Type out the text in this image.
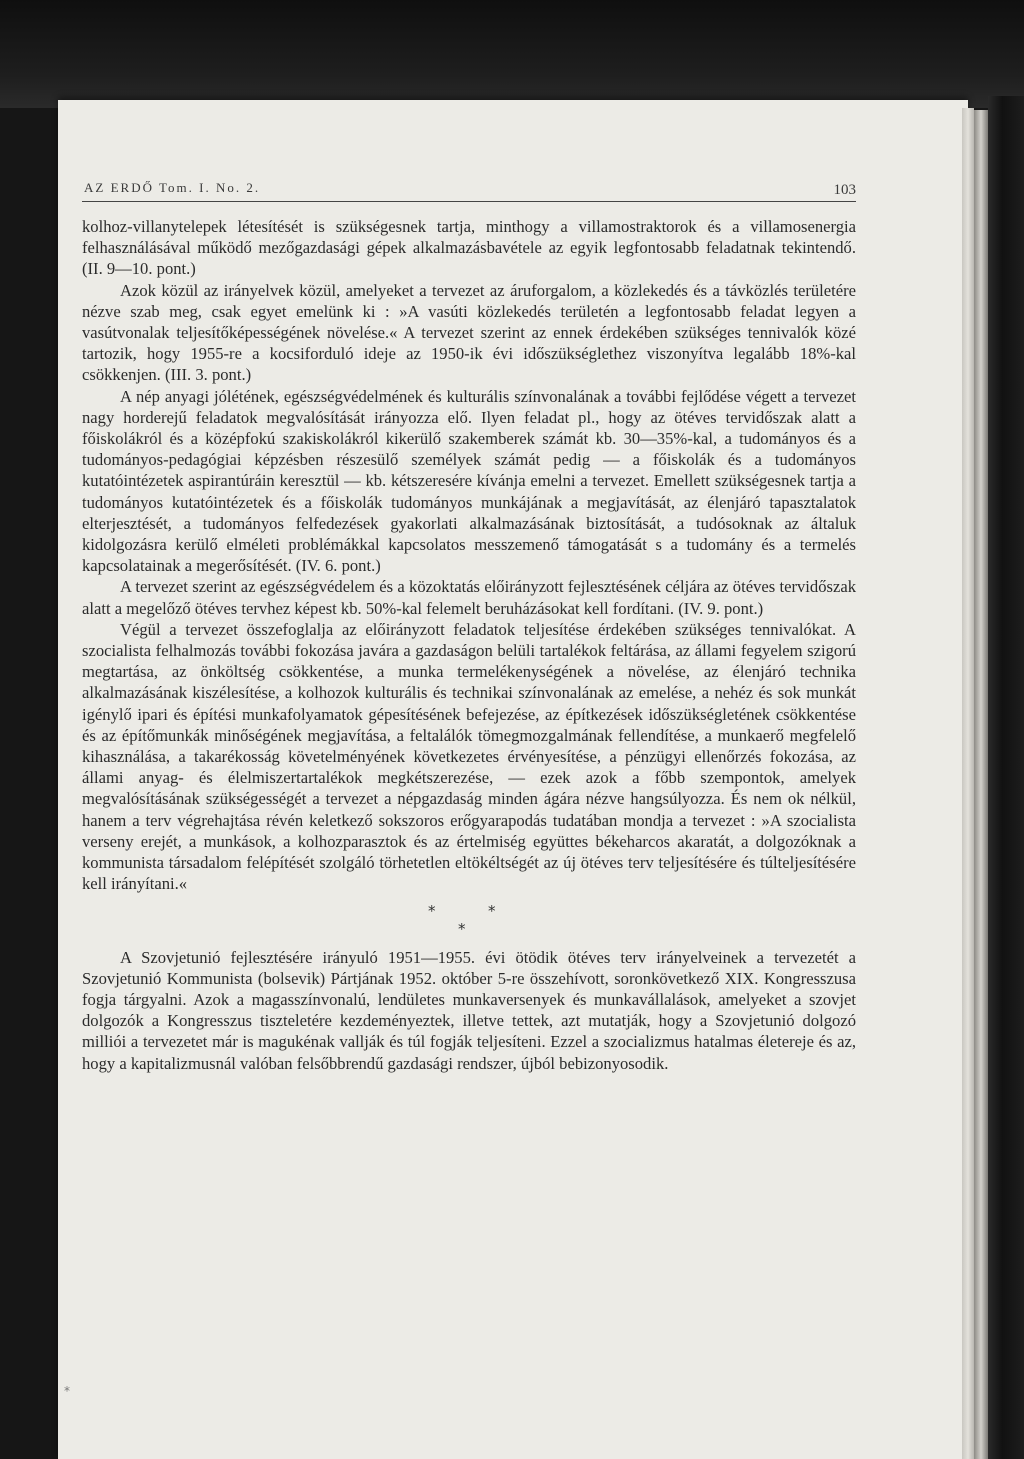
AZ ERDŐ Tom. I. No. 2.	103

kolhoz-villanytelepek létesítését is szükségesnek tartja, minthogy a villamostraktorok és a villamosenergia felhasználásával működő mezőgazdasági gépek alkalmazásbavétele az egyik legfontosabb feladatnak tekintendő. (II. 9—10. pont.)

Azok közül az irányelvek közül, amelyeket a tervezet az áruforgalom, a közlekedés és a távközlés területére nézve szab meg, csak egyet emelünk ki : »A vasúti közlekedés területén a legfontosabb feladat legyen a vasútvonalak teljesítőképességének növelése.« A tervezet szerint az ennek érdekében szükséges tennivalók közé tartozik, hogy 1955-re a kocsiforduló ideje az 1950-ik évi időszükséglethez viszonyítva legalább 18%-kal csökkenjen. (III. 3. pont.)

A nép anyagi jólétének, egészségvédelmének és kulturális színvonalának a további fejlődése végett a tervezet nagy horderejű feladatok megvalósítását irányozza elő. Ilyen feladat pl., hogy az ötéves tervidőszak alatt a főiskolákról és a középfokú szakiskolákról kikerülő szakemberek számát kb. 30—35%-kal, a tudományos és a tudományos-pedagógiai képzésben részesülő személyek számát pedig — a főiskolák és a tudományos kutatóintézetek aspirantúráin keresztül — kb. kétszeresére kívánja emelni a tervezet. Emellett szükségesnek tartja a tudományos kutatóintézetek és a főiskolák tudományos munkájának a megjavítását, az élenjáró tapasztalatok elterjesztését, a tudományos felfedezések gyakorlati alkalmazásának biztosítását, a tudósoknak az általuk kidolgozásra kerülő elméleti problémákkal kapcsolatos messzemenő támogatását s a tudomány és a termelés kapcsolatainak a megerősítését. (IV. 6. pont.)

A tervezet szerint az egészségvédelem és a közoktatás előirányzott fejlesztésének céljára az ötéves tervidőszak alatt a megelőző ötéves tervhez képest kb. 50%-kal felemelt beruházásokat kell fordítani. (IV. 9. pont.)

Végül a tervezet összefoglalja az előirányzott feladatok teljesítése érdekében szükséges tennivalókat. A szocialista felhalmozás további fokozása javára a gazdaságon belüli tartalékok feltárása, az állami fegyelem szigorú megtartása, az önköltség csökkentése, a munka termelékenységének a növelése, az élenjáró technika alkalmazásának kiszélesítése, a kolhozok kulturális és technikai színvonalának az emelése, a nehéz és sok munkát igénylő ipari és építési munkafolyamatok gépesítésének befejezése, az építkezések időszükségletének csökkentése és az építőmunkák minőségének megjavítása, a feltalálók tömegmozgalmának fellendítése, a munkaerő megfelelő kihasználása, a takarékosság követelményének következetes érvényesítése, a pénzügyi ellenőrzés fokozása, az állami anyag- és élelmiszertartalékok megkétszerezése, — ezek azok a főbb szempontok, amelyek megvalósításának szükségességét a tervezet a népgazdaság minden ágára nézve hangsúlyozza. És nem ok nélkül, hanem a terv végrehajtása révén keletkező sokszoros erőgyarapodás tudatában mondja a tervezet : »A szocialista verseny erejét, a munkások, a kolhozparasztok és az értelmiség együttes békeharcos akaratát, a dolgozóknak a kommunista társadalom felépítését szolgáló törhetetlen eltökéltségét az új ötéves terv teljesítésére és túlteljesítésére kell irányítani.«

*	*
*

A Szovjetunió fejlesztésére irányuló 1951—1955. évi ötödik ötéves terv irányelveinek a tervezetét a Szovjetunió Kommunista (bolsevik) Pártjának 1952. október 5-re összehívott, soronkövetkező XIX. Kongresszusa fogja tárgyalni. Azok a magasszínvonalú, lendületes munkaversenyek és munkavállalások, amelyeket a szovjet dolgozók a Kongresszus tiszteletére kezdeményeztek, illetve tettek, azt mutatják, hogy a Szovjetunió dolgozó milliói a tervezetet már is magukénak vallják és túl fogják teljesíteni. Ezzel a szocializmus hatalmas életereje és az, hogy a kapitalizmusnál valóban felsőbbrendű gazdasági rendszer, újból bebizonyosodik.

*
